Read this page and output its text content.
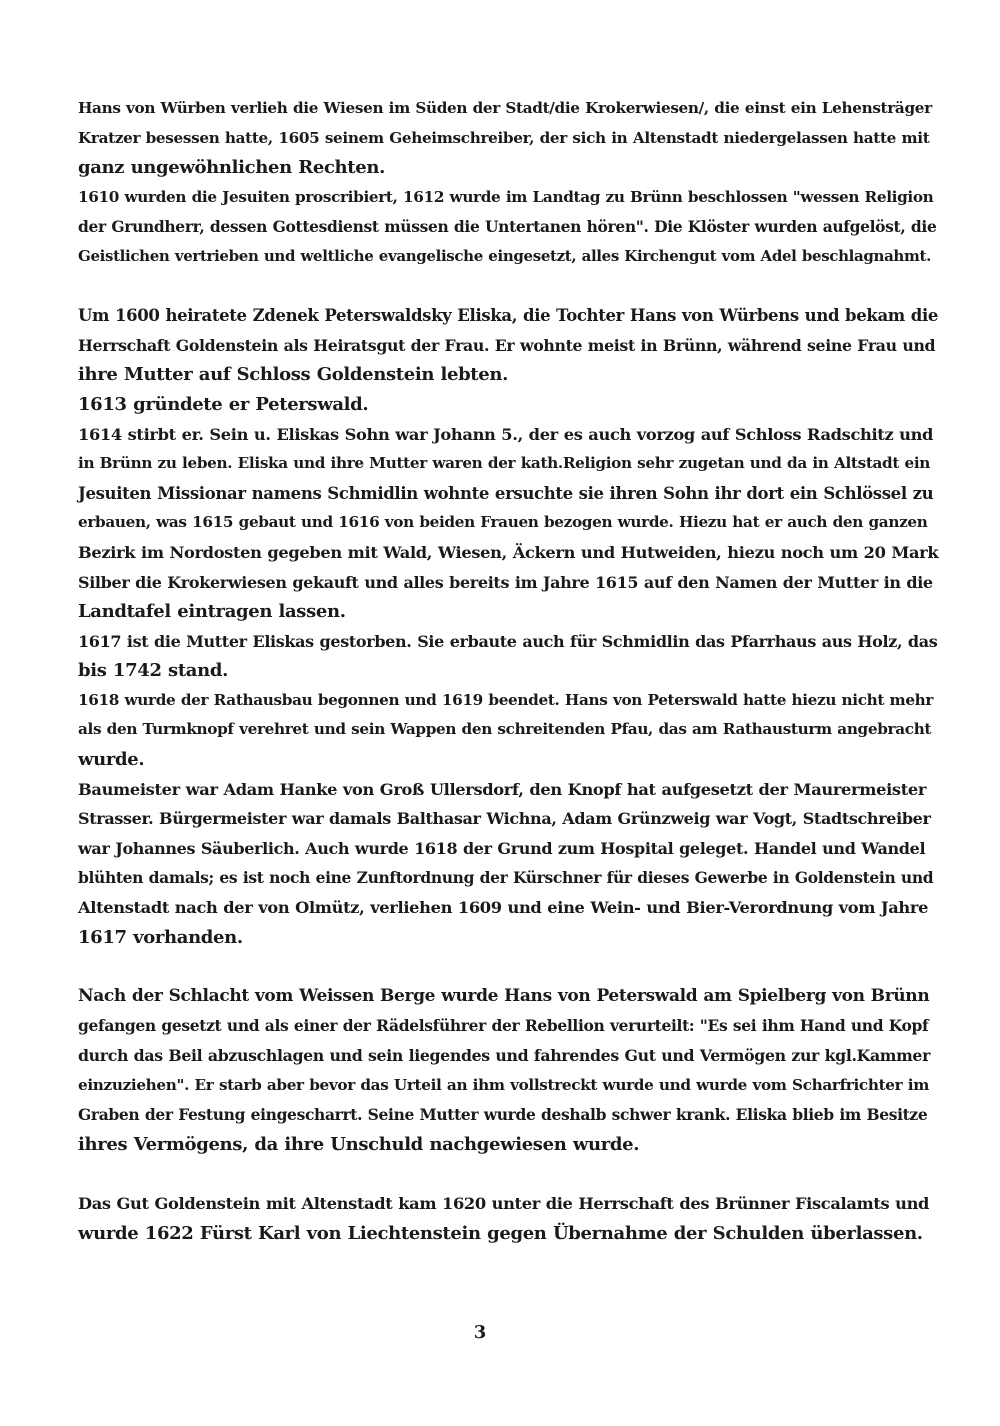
Hans von Würben verlieh die Wiesen im Süden der Stadt/die Krokerwiesen/, die einst ein Lehensträger
Kratzer besessen hatte, 1605 seinem Geheimschreiber, der sich in Altenstadt niedergelassen hatte mit
ganz ungewöhnlichen Rechten.
1610 wurden die Jesuiten proscribiert, 1612 wurde im Landtag zu Brünn beschlossen "wessen Religion
der Grundherr, dessen Gottesdienst müssen die Untertanen hören". Die Klöster wurden aufgelöst, die
Geistlichen vertrieben und weltliche evangelische eingesetzt, alles Kirchengut vom Adel beschlagnahmt.
Um 1600 heiratete Zdenek Peterswaldsky Eliska, die Tochter Hans von Würbens und bekam die
Herrschaft Goldenstein als Heiratsgut der Frau. Er wohnte meist in Brünn, während seine Frau und
ihre Mutter auf Schloss Goldenstein lebten.
1613 gründete er Peterswald.
1614 stirbt er. Sein u. Eliskas Sohn war Johann 5., der es auch vorzog auf Schloss Radschitz und
in Brünn zu leben. Eliska und ihre Mutter waren der kath.Religion sehr zugetan und da in Altstadt ein
Jesuiten Missionar namens Schmidlin wohnte ersuchte sie ihren Sohn ihr dort ein Schlössel zu
erbauen, was 1615 gebaut und 1616 von beiden Frauen bezogen wurde. Hiezu hat er auch den ganzen
Bezirk im Nordosten gegeben mit Wald, Wiesen, Äckern und Hutweiden, hiezu noch um 20 Mark
Silber die Krokerwiesen gekauft und alles bereits im Jahre 1615 auf den Namen der Mutter in die
Landtafel eintragen lassen.
1617 ist die Mutter Eliskas gestorben. Sie erbaute auch für Schmidlin das Pfarrhaus aus Holz, das
bis 1742 stand.
1618 wurde der Rathausbau begonnen und 1619 beendet. Hans von Peterswald hatte hiezu nicht mehr
als den Turmknopf verehret und sein Wappen den schreitenden Pfau, das am Rathausturm angebracht
wurde.
Baumeister war Adam Hanke von Groß Ullersdorf, den Knopf hat aufgesetzt der Maurermeister
Strasser. Bürgermeister war damals Balthasar Wichna, Adam Grünzweig war Vogt, Stadtschreiber
war Johannes Säuberlich. Auch wurde 1618 der Grund zum Hospital geleget. Handel und Wandel
blühten damals; es ist noch eine Zunftordnung der Kürschner für dieses Gewerbe in Goldenstein und
Altenstadt nach der von Olmütz, verliehen 1609 und eine Wein- und Bier-Verordnung vom Jahre
1617 vorhanden.
Nach der Schlacht vom Weissen Berge wurde Hans von Peterswald am Spielberg von Brünn
gefangen gesetzt und als einer der Rädelsführer der Rebellion verurteilt: "Es sei ihm Hand und Kopf
durch das Beil abzuschlagen und sein liegendes und fahrendes Gut und Vermögen zur kgl.Kammer
einzuziehen". Er starb aber bevor das Urteil an ihm vollstreckt wurde und wurde vom Scharfrichter im
Graben der Festung eingescharrt. Seine Mutter wurde deshalb schwer krank. Eliska blieb im Besitze
ihres Vermögens, da ihre Unschuld nachgewiesen wurde.
Das Gut Goldenstein mit Altenstadt kam 1620 unter die Herrschaft des Brünner Fiscalamts und
wurde 1622 Fürst Karl von Liechtenstein gegen Übernahme der Schulden überlassen.
3
